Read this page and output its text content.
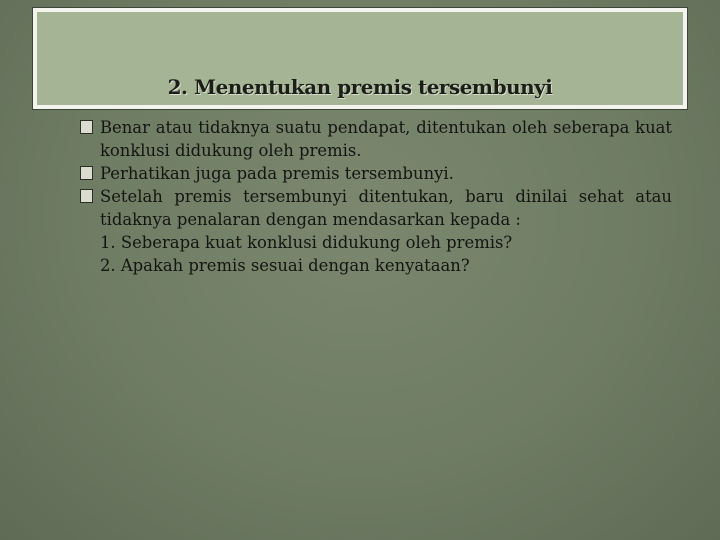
2. Menentukan premis tersembunyi
Benar atau tidaknya suatu pendapat, ditentukan oleh seberapa kuat konklusi didukung oleh premis.
Perhatikan juga pada premis tersembunyi.
Setelah premis tersembunyi ditentukan, baru dinilai sehat atau tidaknya penalaran dengan mendasarkan kepada :
1. Seberapa kuat konklusi didukung oleh premis?
2. Apakah premis sesuai dengan kenyataan?
